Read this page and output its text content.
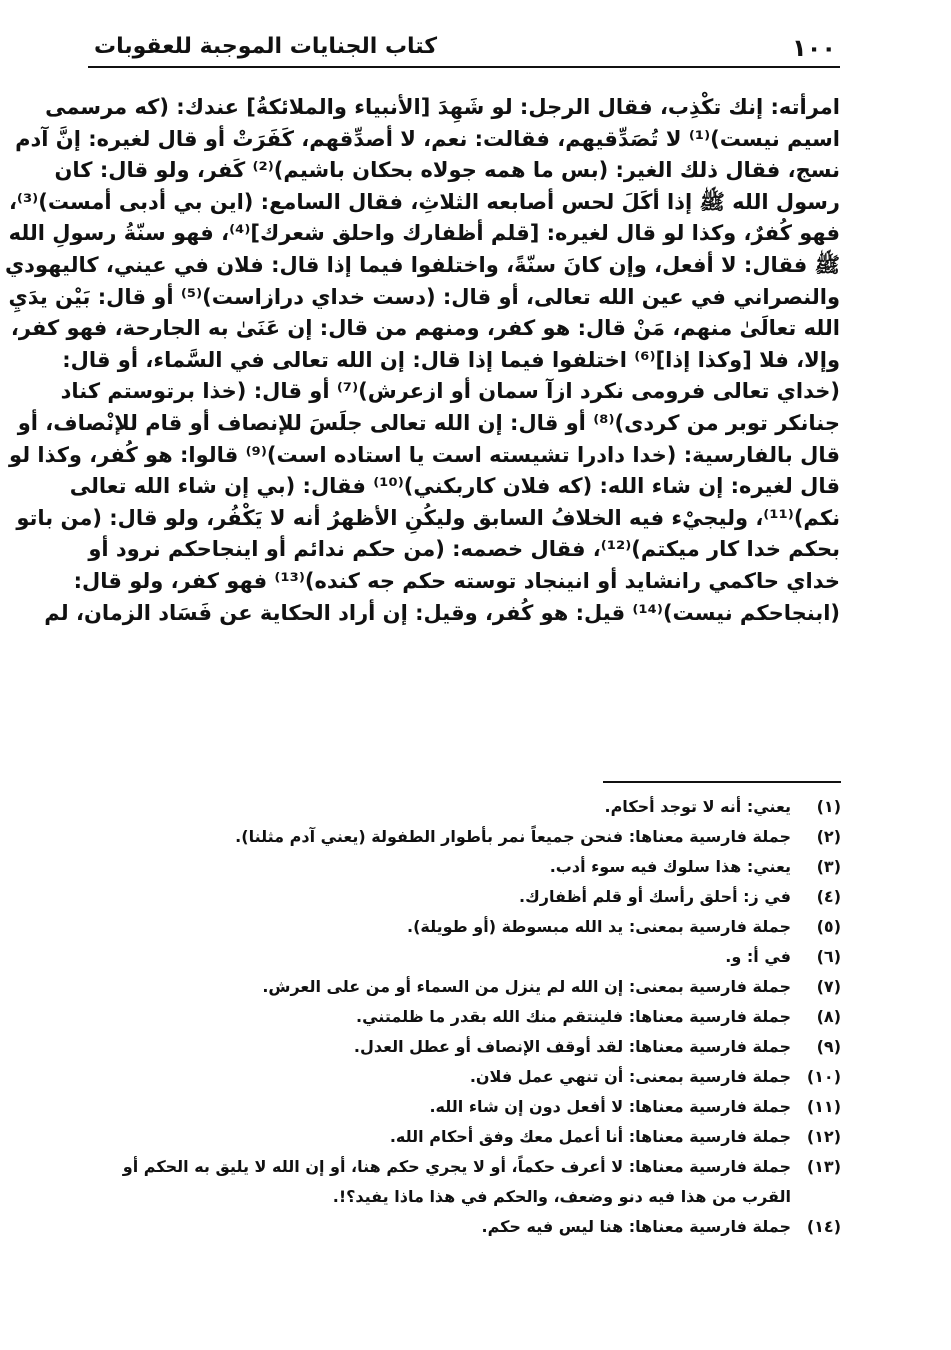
١٠٠
كتاب الجنايات الموجبة للعقوبات
امرأته: إنك تكْذِب، فقال الرجل: لو شَهِدَ [الأنبياء والملائكةُ] عندك: (كه مرسمى
اسيم نيست)⁽¹⁾ لا تُصَدِّقيهم، فقالت: نعم، لا أصدِّقهم، كَفَرَتْ أو قال لغيره: إنَّ آدم
نسج، فقال ذلك الغير: (بس ما همه جولاه بحكان باشيم)⁽²⁾ كَفر، ولو قال: كان
رسول الله ﷺ إذا أكَلَ لحس أصابعه الثلاثِ، فقال السامع: (اين بي أدبى أمست)⁽³⁾،
فهو كُفرٌ، وكذا لو قال لغيره: [قلم أظفارك واحلق شعرك]⁽⁴⁾، فهو سنّةُ رسولِ الله
ﷺ فقال: لا أفعل، وإن كانَ سنّةً، واختلفوا فيما إذا قال: فلان في عيني، كاليهودي
والنصراني في عين الله تعالى، أو قال: (دست خداي درازاست)⁽⁵⁾ أو قال: بَيْن يدَيِ
الله تعالَىٰ منهم، مَنْ قال: هو كفر، ومنهم من قال: إن عَنَىٰ به الجارحة، فهو كفر،
وإلا، فلا [وكذا إذا]⁽⁶⁾ اختلفوا فيما إذا قال: إن الله تعالى في السَّماء، أو قال:
(خداي تعالى فرومى نكرد ازآ سمان أو ازعرش)⁽⁷⁾ أو قال: (خذا برتوستم كناد
جنانكر توبر من كردى)⁽⁸⁾ أو قال: إن الله تعالى جلَسَ للإنصاف أو قام للإنْصاف، أو
قال بالفارسية: (خدا دادرا تشيسته است يا استاده است)⁽⁹⁾ قالوا: هو كُفر، وكذا لو
قال لغيره: إن شاء الله: (كه فلان كاربكني)⁽¹⁰⁾ فقال: (بي إن شاء الله تعالى
نكم)⁽¹¹⁾، وليجيْء فيه الخلافُ السابق وليكُنِ الأظهرُ أنه لا يَكْفُر، ولو قال: (من باتو
بحكم خدا كار ميكتم)⁽¹²⁾، فقال خصمه: (من حكم ندائم أو اينجاحكم نرود أو
خداي حاكمي رانشايد أو انينجاد توسته حكم جه كنده)⁽¹³⁾ فهو كفر، ولو قال:
(ابنجاحكم نيست)⁽¹⁴⁾ قيل: هو كُفر، وقيل: إن أراد الحكاية عن فَسَاد الزمان، لم
(١)
يعني: أنه لا توجد أحكام.
(٢)
جملة فارسية معناها: فنحن جميعاً نمر بأطوار الطفولة (يعني آدم مثلنا).
(٣)
يعني: هذا سلوك فيه سوء أدب.
(٤)
في ز: أحلق رأسك أو قلم أظفارك.
(٥)
جملة فارسية بمعنى: يد الله مبسوطة (أو طويلة).
(٦)
في أ: و.
(٧)
جملة فارسية بمعنى: إن الله لم ينزل من السماء أو من على العرش.
(٨)
جملة فارسية معناها: فلينتقم منك الله بقدر ما ظلمتني.
(٩)
جملة فارسية معناها: لقد أوقف الإنصاف أو عطل العدل.
(١٠)
جملة فارسية بمعنى: أن تنهي عمل فلان.
(١١)
جملة فارسية معناها: لا أفعل دون إن شاء الله.
(١٢)
جملة فارسية معناها: أنا أعمل معك وفق أحكام الله.
(١٣)
جملة فارسية معناها: لا أعرف حكماً، أو لا يجري حكم هنا، أو إن الله لا يليق به الحكم أو القرب من هذا فيه دنو وضعف، والحكم في هذا ماذا يفيد؟!.
(١٤)
جملة فارسية معناها: هنا ليس فيه حكم.
